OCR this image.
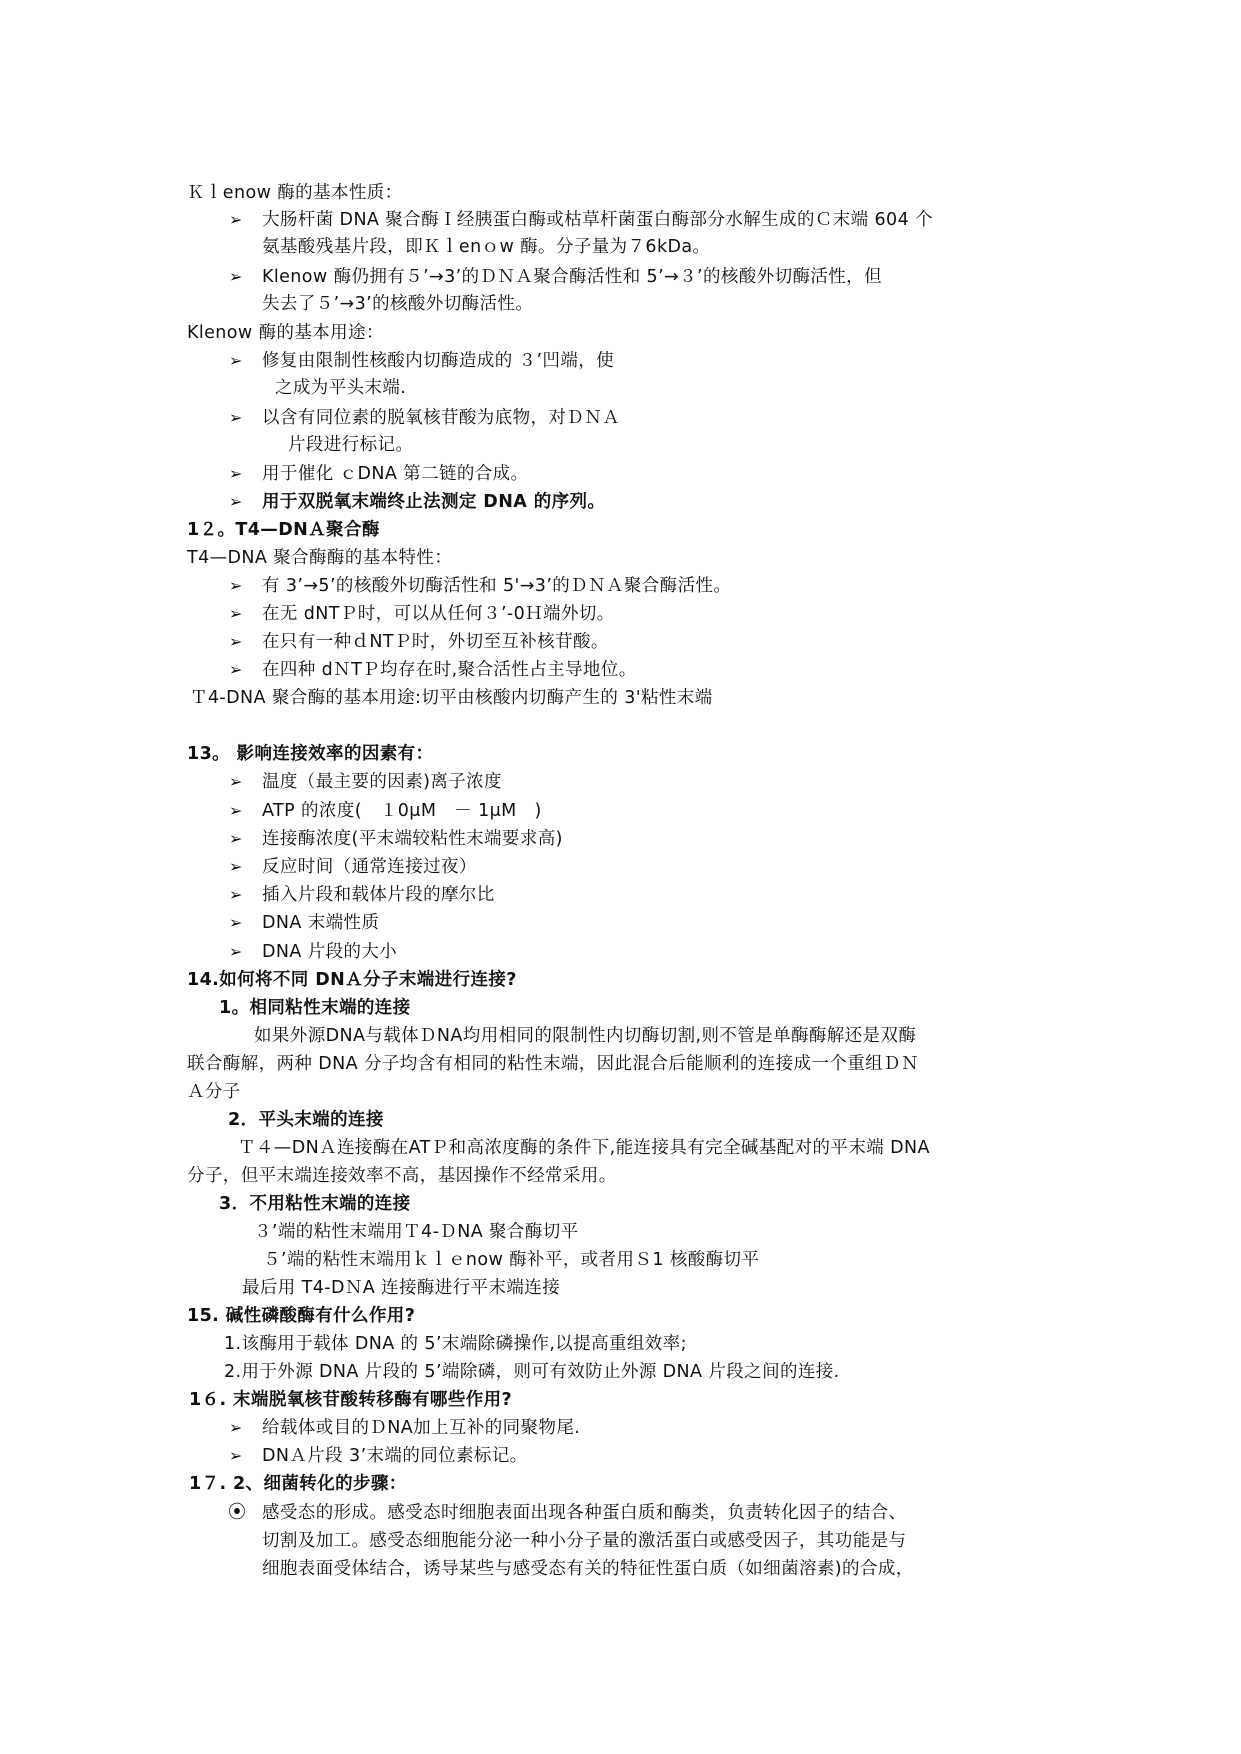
Ｋｌenow 酶的基本性质：
➢ 大肠杆菌 DNA 聚合酶Ｉ经胰蛋白酶或枯草杆菌蛋白酶部分水解生成的Ｃ末端 604 个
氨基酸残基片段，即Ｋｌenｏw 酶。分子量为７6kDa。
➢ Klenow 酶仍拥有５’→3’的ＤＮＡ聚合酶活性和 5’→３’的核酸外切酶活性，但
失去了５’→3’的核酸外切酶活性。
Klenow 酶的基本用途：
➢ 修复由限制性核酸内切酶造成的 ３’凹端，使
之成为平头末端.
➢ 以含有同位素的脱氧核苷酸为底物，对ＤＮＡ
片段进行标记。
➢ 用于催化 ｃDNA 第二链的合成。
➢ 用于双脱氧末端终止法测定 DNA 的序列。
1２。T4—DNＡ聚合酶
T4—DNA 聚合酶酶的基本特性：
➢ 有 3’→5’的核酸外切酶活性和 5'→3’的ＤＮＡ聚合酶活性。
➢ 在无 dNTＰ时，可以从任何３’-0Ｈ端外切。
➢ 在只有一种ｄNTＰ时，外切至互补核苷酸。
➢ 在四种 dＮTＰ均存在时,聚合活性占主导地位。
Ｔ4-DNA 聚合酶的基本用途:切平由核酸内切酶产生的 3'粘性末端
13。 影响连接效率的因素有：
➢ 温度（最主要的因素)离子浓度
➢ ATP 的浓度(　１0μM　－ 1μM　)
➢ 连接酶浓度(平末端较粘性末端要求高)
➢ 反应时间（通常连接过夜）
➢ 插入片段和载体片段的摩尔比
➢ DNA 末端性质
➢ DNA 片段的大小
14.如何将不同 DNＡ分子末端进行连接?
1。相同粘性末端的连接
如果外源DNA与载体ＤNA均用相同的限制性内切酶切割,则不管是单酶酶解还是双酶
联合酶解，两种 DNA 分子均含有相同的粘性末端，因此混合后能顺利的连接成一个重组ＤＮ
Ａ分子
2．平头末端的连接
Ｔ４—DNＡ连接酶在ATＰ和高浓度酶的条件下,能连接具有完全碱基配对的平末端 DNA
分子，但平末端连接效率不高，基因操作不经常采用。
3．不用粘性末端的连接
３’端的粘性末端用Ｔ4-ＤNA 聚合酶切平
５’端的粘性末端用ｋｌｅnow 酶补平，或者用Ｓ1 核酸酶切平
最后用 T4-DＮA 连接酶进行平末端连接
15. 碱性磷酸酶有什么作用?
1.该酶用于载体 DNA 的 5’末端除磷操作,以提高重组效率;
2.用于外源 DNA 片段的 5’端除磷，则可有效防止外源 DNA 片段之间的连接.
1６. 末端脱氧核苷酸转移酶有哪些作用?
➢ 给载体或目的ＤNA加上互补的同聚物尾.
➢ DNＡ片段 3’末端的同位素标记。
1７. 2、细菌转化的步骤：
⦿ 感受态的形成。感受态时细胞表面出现各种蛋白质和酶类，负责转化因子的结合、
切割及加工。感受态细胞能分泌一种小分子量的激活蛋白或感受因子，其功能是与
细胞表面受体结合，诱导某些与感受态有关的特征性蛋白质（如细菌溶素)的合成，
